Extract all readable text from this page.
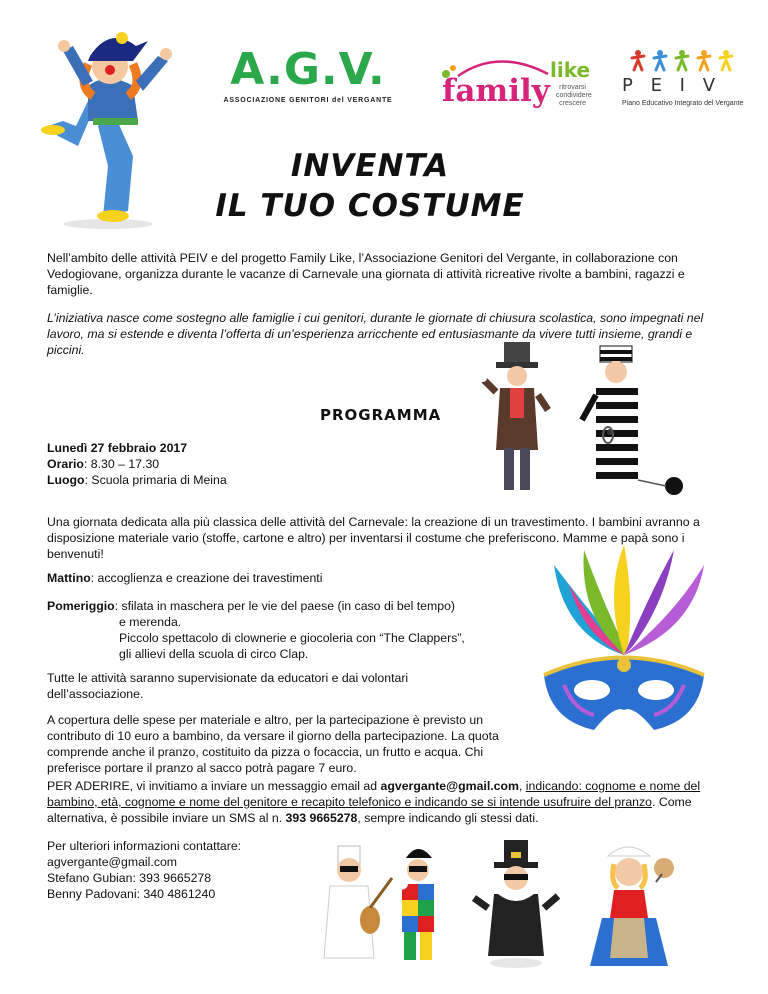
A.G.V.
ASSOCIAZIONE GENITORI del VERGANTE family
like
ritrovarsi
condividere
crescere
P E I V
Piano Educativo Integrato del Vergante
INVENTA
IL TUO COSTUME
Nell’ambito delle attività PEIV e del progetto Family Like, l’Associazione Genitori del Vergante, in collaborazione con Vedogiovane, organizza durante le vacanze di Carnevale una giornata di attività ricreative rivolte a bambini, ragazzi e famiglie.
L’iniziativa nasce come sostegno alle famiglie i cui genitori, durante le giornate di chiusura scolastica, sono impegnati nel lavoro, ma si estende e diventa l’offerta di un’esperienza arricchente ed entusiasmante da vivere tutti insieme, grandi e piccini.
PROGRAMMA
Lunedì 27 febbraio 2017
Orario: 8.30 – 17.30
Luogo: Scuola primaria di Meina
Una giornata dedicata alla più classica delle attività del Carnevale: la creazione di un travestimento. I bambini avranno a disposizione materiale vario (stoffe, cartone e altro) per inventarsi il costume che preferiscono. Mamme e papà sono i benvenuti!
Mattino: accoglienza e creazione dei travestimenti
Pomeriggio: sfilata in maschera per le vie del paese (in caso di bel tempo)
e merenda.
Piccolo spettacolo di clownerie e giocoleria con “The Clappers”,
gli allievi della scuola di circo Clap.
Tutte le attività saranno supervisionate da educatori e dai volontari dell’associazione.
A copertura delle spese per materiale e altro, per la partecipazione è previsto un contributo di 10 euro a bambino, da versare il giorno della partecipazione. La quota comprende anche il pranzo, costituito da pizza o focaccia, un frutto e acqua. Chi preferisce portare il pranzo al sacco potrà pagare 7 euro.
PER ADERIRE, vi invitiamo a inviare un messaggio email ad agvergante@gmail.com, indicando: cognome e nome del bambino, età, cognome e nome del genitore e recapito telefonico e indicando se si intende usufruire del pranzo. Come alternativa, è possibile inviare un SMS al n. 393 9665278, sempre indicando gli stessi dati.
Per ulteriori informazioni contattare:
agvergante@gmail.com
Stefano Gubian: 393 9665278
Benny Padovani: 340 4861240
